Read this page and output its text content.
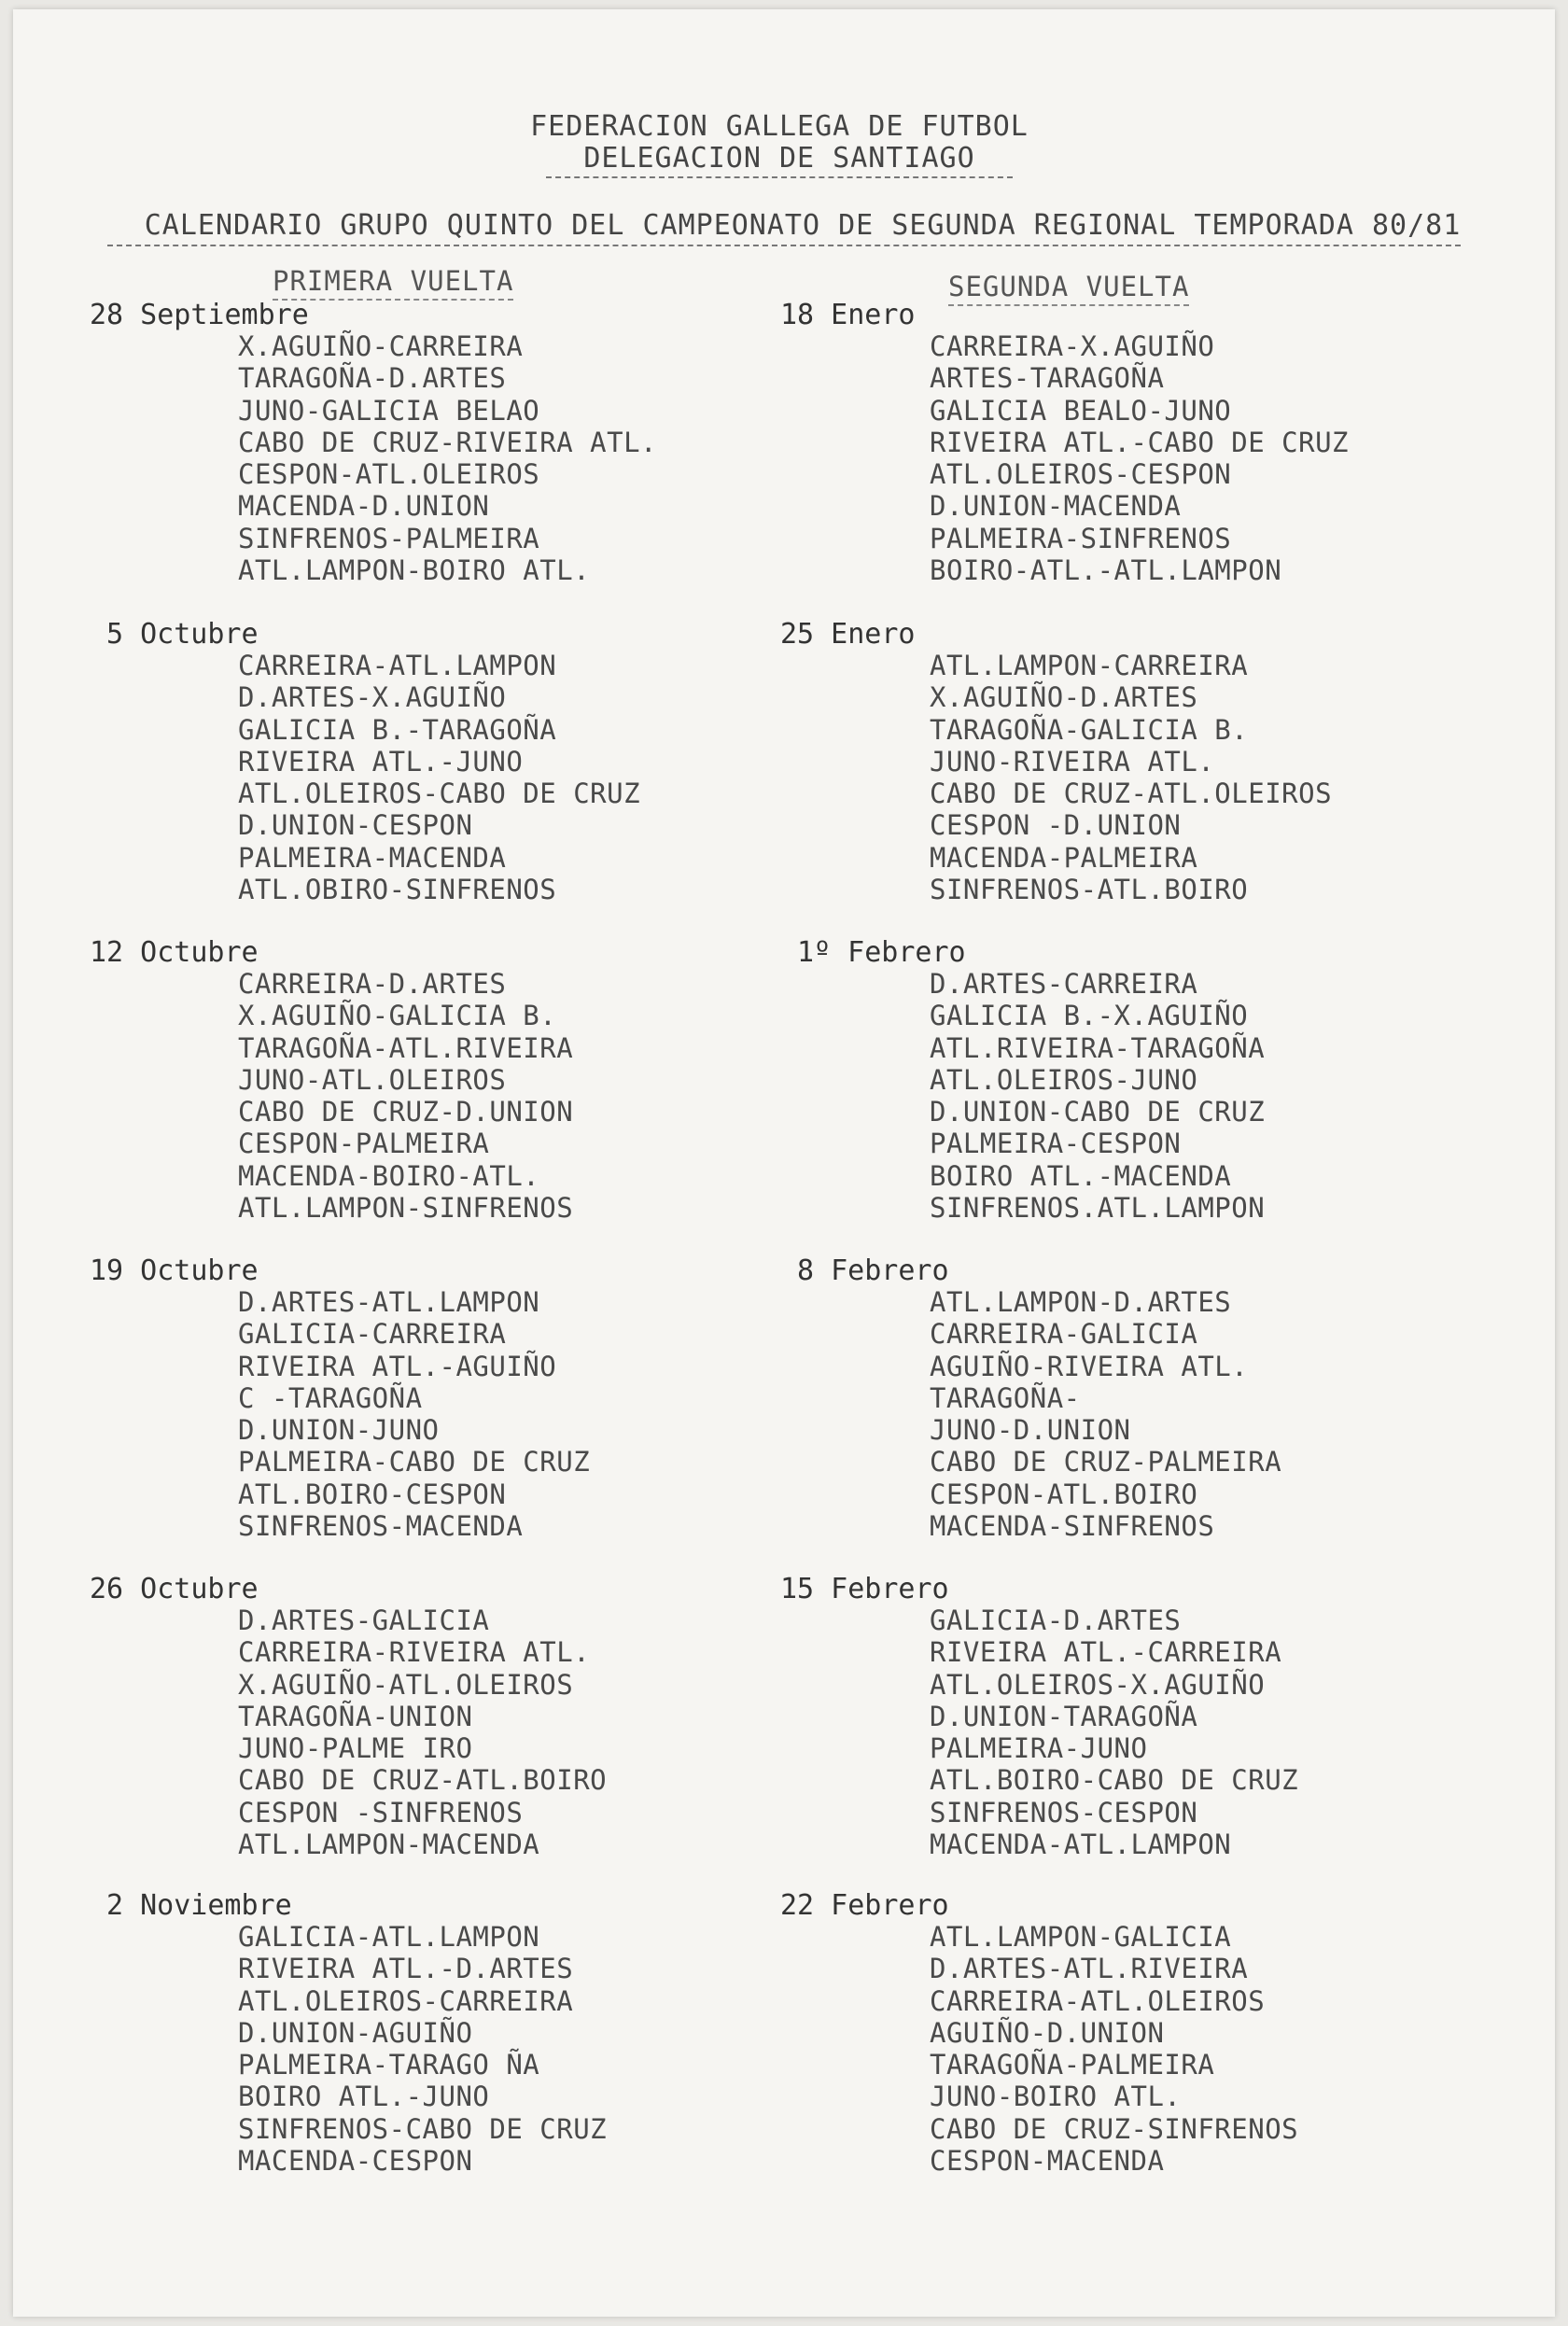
FEDERACION GALLEGA DE FUTBOL
DELEGACION DE SANTIAGO
CALENDARIO GRUPO QUINTO DEL CAMPEONATO DE SEGUNDA REGIONAL TEMPORADA 80/81
PRIMERA VUELTA	SEGUNDA VUELTA
28 Septiembre
X.AGUIÑO-CARREIRA
TARAGOÑA-D.ARTES
JUNO-GALICIA BELAO
CABO DE CRUZ-RIVEIRA ATL.
CESPON-ATL.OLEIROS
MACENDA-D.UNION
SINFRENOS-PALMEIRA
ATL.LAMPON-BOIRO ATL.
5 Octubre
CARREIRA-ATL.LAMPON
D.ARTES-X.AGUIÑO
GALICIA B.-TARAGOÑA
RIVEIRA ATL.-JUNO
ATL.OLEIROS-CABO DE CRUZ
D.UNION-CESPON
PALMEIRA-MACENDA
ATL.OBIRO-SINFRENOS
12 Octubre
CARREIRA-D.ARTES
X.AGUIÑO-GALICIA B.
TARAGOÑA-ATL.RIVEIRA
JUNO-ATL.OLEIROS
CABO DE CRUZ-D.UNION
CESPON-PALMEIRA
MACENDA-BOIRO-ATL.
ATL.LAMPON-SINFRENOS
19 Octubre
D.ARTES-ATL.LAMPON
GALICIA-CARREIRA
RIVEIRA ATL.-AGUIÑO
C -TARAGOÑA
D.UNION-JUNO
PALMEIRA-CABO DE CRUZ
ATL.BOIRO-CESPON
SINFRENOS-MACENDA
26 Octubre
D.ARTES-GALICIA
CARREIRA-RIVEIRA ATL.
X.AGUIÑO-ATL.OLEIROS
TARAGOÑA-UNION
JUNO-PALME IRO
CABO DE CRUZ-ATL.BOIRO
CESPON -SINFRENOS
ATL.LAMPON-MACENDA
2 Noviembre
GALICIA-ATL.LAMPON
RIVEIRA ATL.-D.ARTES
ATL.OLEIROS-CARREIRA
D.UNION-AGUIÑO
PALMEIRA-TARAGO ÑA
BOIRO ATL.-JUNO
SINFRENOS-CABO DE CRUZ
MACENDA-CESPON
18 Enero
CARREIRA-X.AGUIÑO
ARTES-TARAGOÑA
GALICIA BEALO-JUNO
RIVEIRA ATL.-CABO DE CRUZ
ATL.OLEIROS-CESPON
D.UNION-MACENDA
PALMEIRA-SINFRENOS
BOIRO-ATL.-ATL.LAMPON
25 Enero
ATL.LAMPON-CARREIRA
X.AGUIÑO-D.ARTES
TARAGOÑA-GALICIA B.
JUNO-RIVEIRA ATL.
CABO DE CRUZ-ATL.OLEIROS
CESPON -D.UNION
MACENDA-PALMEIRA
SINFRENOS-ATL.BOIRO
1º Febrero
D.ARTES-CARREIRA
GALICIA B.-X.AGUIÑO
ATL.RIVEIRA-TARAGOÑA
ATL.OLEIROS-JUNO
D.UNION-CABO DE CRUZ
PALMEIRA-CESPON
BOIRO ATL.-MACENDA
SINFRENOS.ATL.LAMPON
8 Febrero
ATL.LAMPON-D.ARTES
CARREIRA-GALICIA
AGUIÑO-RIVEIRA ATL.
TARAGOÑA-
JUNO-D.UNION
CABO DE CRUZ-PALMEIRA
CESPON-ATL.BOIRO
MACENDA-SINFRENOS
15 Febrero
GALICIA-D.ARTES
RIVEIRA ATL.-CARREIRA
ATL.OLEIROS-X.AGUIÑO
D.UNION-TARAGOÑA
PALMEIRA-JUNO
ATL.BOIRO-CABO DE CRUZ
SINFRENOS-CESPON
MACENDA-ATL.LAMPON
22 Febrero
ATL.LAMPON-GALICIA
D.ARTES-ATL.RIVEIRA
CARREIRA-ATL.OLEIROS
AGUIÑO-D.UNION
TARAGOÑA-PALMEIRA
JUNO-BOIRO ATL.
CABO DE CRUZ-SINFRENOS
CESPON-MACENDA
